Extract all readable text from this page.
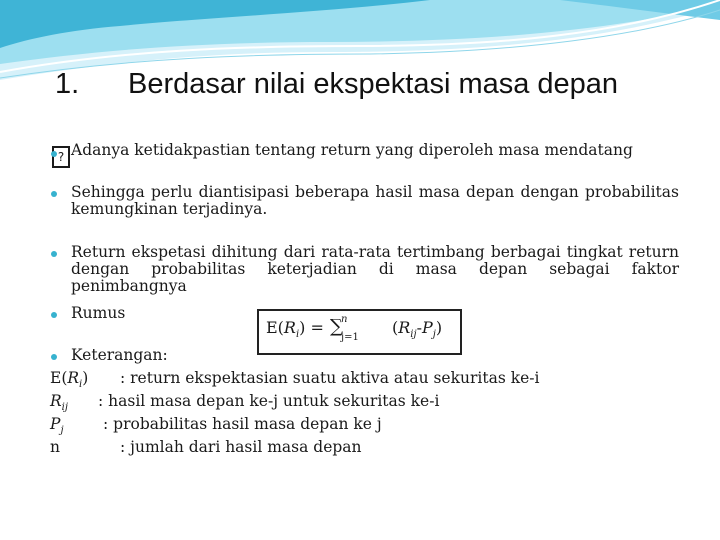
1. Berdasar nilai ekspektasi masa depan
? Adanya ketidakpastian tentang return yang diperoleh masa mendatang
Sehingga perlu diantisipasi beberapa hasil masa depan dengan probabilitas
kemungkinan terjadinya.
Return ekspetasi dihitung dari rata-rata tertimbang berbagai tingkat return
dengan probabilitas keterjadian di masa depan sebagai faktor penimbangnya
Rumus
Keterangan:
$E(R_i)$ = ∑
n
j=1
$(R_{ij}-P_j)$
$E(R_i)$ : return ekspektasian suatu aktiva atau sekuritas ke-i
$R_{ij}$ : hasil masa depan ke-j untuk sekuritas ke-i
$P_j$	: probabilitas hasil masa depan ke j
n	: jumlah dari hasil masa depan
